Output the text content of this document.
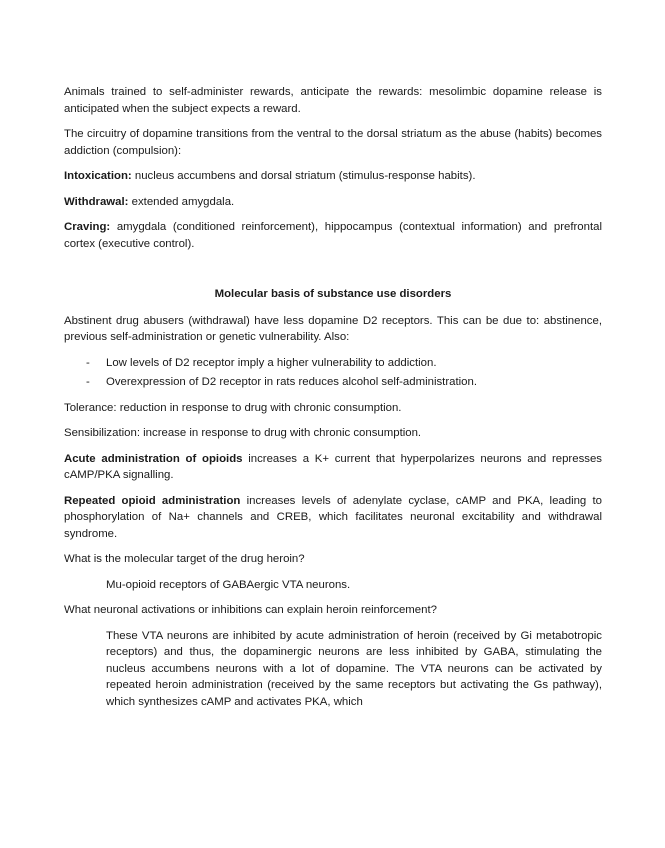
Animals trained to self-administer rewards, anticipate the rewards: mesolimbic dopamine release is anticipated when the subject expects a reward.

The circuitry of dopamine transitions from the ventral to the dorsal striatum as the abuse (habits) becomes addiction (compulsion):

Intoxication: nucleus accumbens and dorsal striatum (stimulus-response habits).

Withdrawal: extended amygdala.

Craving: amygdala (conditioned reinforcement), hippocampus (contextual information) and prefrontal cortex (executive control).

Molecular basis of substance use disorders

Abstinent drug abusers (withdrawal) have less dopamine D2 receptors. This can be due to: abstinence, previous self-administration or genetic vulnerability. Also:

- Low levels of D2 receptor imply a higher vulnerability to addiction.
- Overexpression of D2 receptor in rats reduces alcohol self-administration.

Tolerance: reduction in response to drug with chronic consumption.

Sensibilization: increase in response to drug with chronic consumption.

Acute administration of opioids increases a K+ current that hyperpolarizes neurons and represses cAMP/PKA signalling.

Repeated opioid administration increases levels of adenylate cyclase, cAMP and PKA, leading to phosphorylation of Na+ channels and CREB, which facilitates neuronal excitability and withdrawal syndrome.

What is the molecular target of the drug heroin?

Mu-opioid receptors of GABAergic VTA neurons.

What neuronal activations or inhibitions can explain heroin reinforcement?

These VTA neurons are inhibited by acute administration of heroin (received by Gi metabotropic receptors) and thus, the dopaminergic neurons are less inhibited by GABA, stimulating the nucleus accumbens neurons with a lot of dopamine. The VTA neurons can be activated by repeated heroin administration (received by the same receptors but activating the Gs pathway), which synthesizes cAMP and activates PKA, which
